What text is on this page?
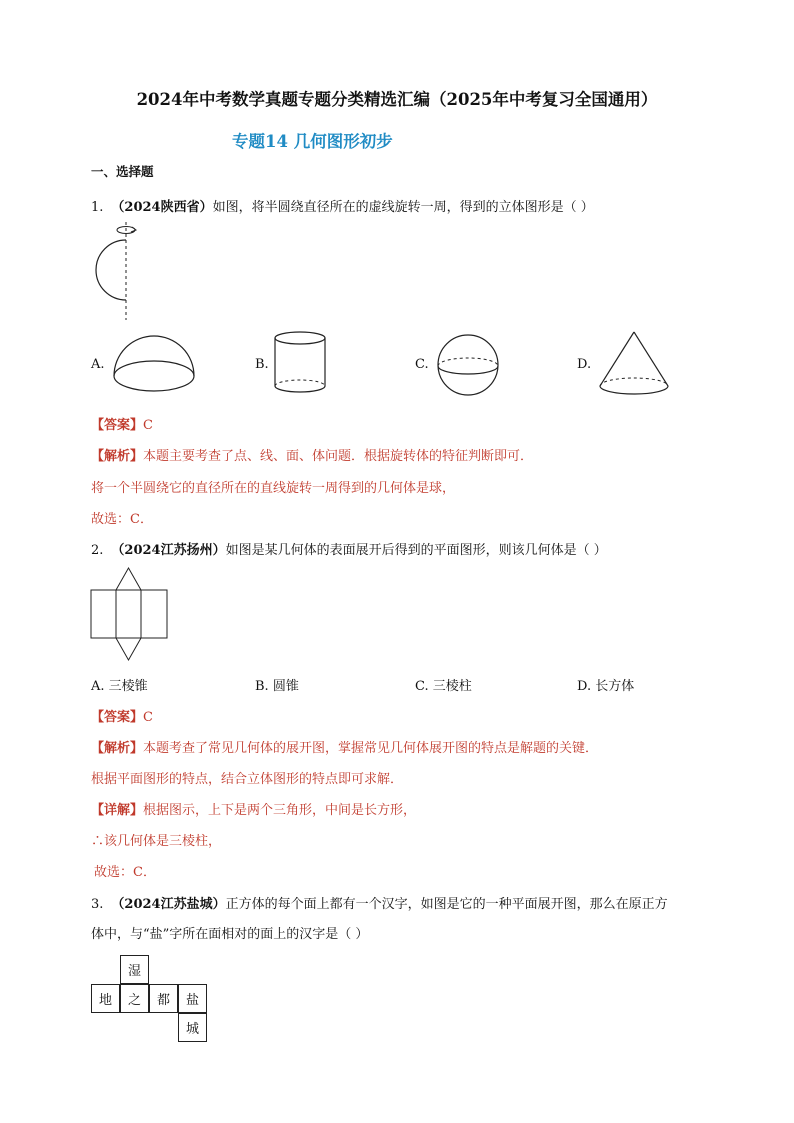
2024年中考数学真题专题分类精选汇编（2025年中考复习全国通用）
专题14 几何图形初步
一、选择题
1. （2024陕西省）如图，将半圆绕直径所在的虚线旋转一周，得到的立体图形是（ ）
A.	B.	C.	D.
【答案】C
【解析】本题主要考查了点、线、面、体问题．根据旋转体的特征判断即可．
将一个半圆绕它的直径所在的直线旋转一周得到的几何体是球，
故选：C．
2. （2024江苏扬州）如图是某几何体的表面展开后得到的平面图形，则该几何体是（ ）
A. 三棱锥	B. 圆锥	C. 三棱柱	D. 长方体
【答案】C
【解析】本题考查了常见几何体的展开图，掌握常见几何体展开图的特点是解题的关键．
根据平面图形的特点，结合立体图形的特点即可求解．
【详解】根据图示，上下是两个三角形，中间是长方形，
∴该几何体是三棱柱，
故选：C．
3. （2024江苏盐城）正方体的每个面上都有一个汉字，如图是它的一种平面展开图，那么在原正方
体中，与“盐”字所在面相对的面上的汉字是（ ）
湿
地	之	都	盐
城
